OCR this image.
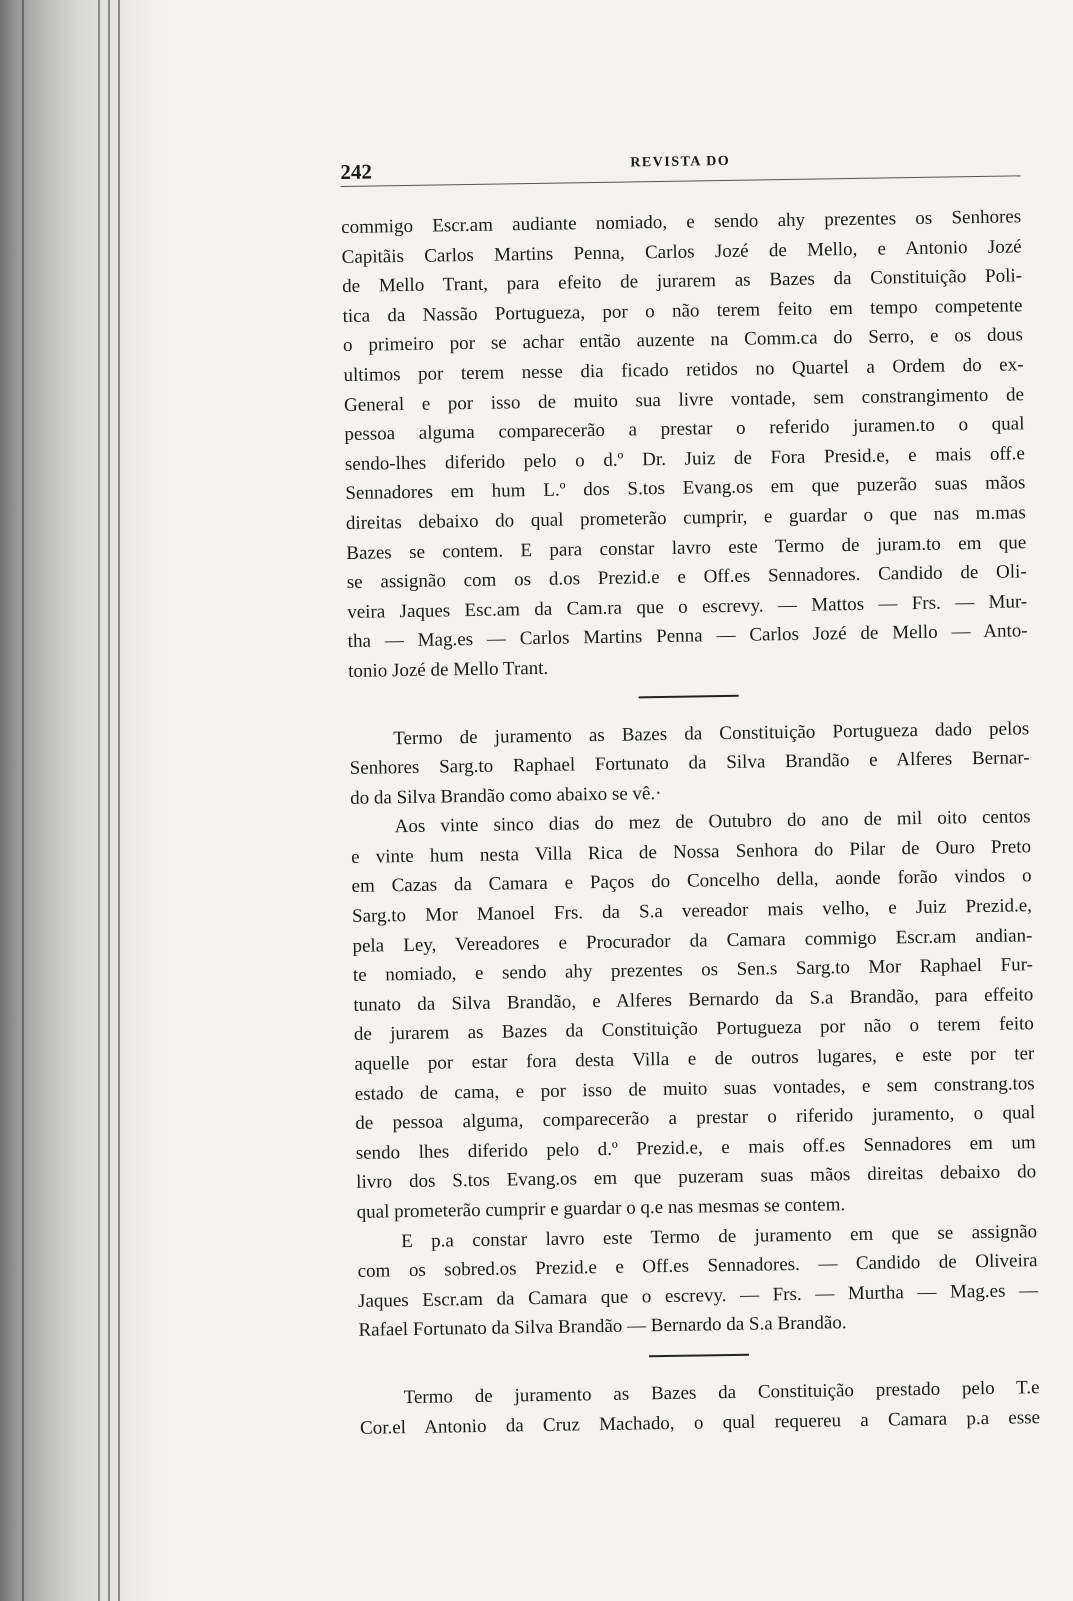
242	REVISTA DO
commigo Escr.am audiante nomiado, e sendo ahy prezentes os Senhores
Capitãis Carlos Martins Penna, Carlos Jozé de Mello, e Antonio Jozé
de Mello Trant, para efeito de jurarem as Bazes da Constituição Poli-
tica da Nassão Portugueza, por o não terem feito em tempo competente
o primeiro por se achar então auzente na Comm.ca do Serro, e os dous
ultimos por terem nesse dia ficado retidos no Quartel a Ordem do ex-
General e por isso de muito sua livre vontade, sem constrangimento de
pessoa alguma comparecerão a prestar o referido juramen.to o qual
sendo-lhes diferido pelo o d.º Dr. Juiz de Fora Presid.e, e mais off.e
Sennadores em hum L.º dos S.tos Evang.os em que puzerão suas mãos
direitas debaixo do qual prometerão cumprir, e guardar o que nas m.mas
Bazes se contem. E para constar lavro este Termo de juram.to em que
se assignão com os d.os Prezid.e e Off.es Sennadores. Candido de Oli-
veira Jaques Esc.am da Cam.ra que o escrevy. — Mattos — Frs. — Mur-
tha — Mag.es — Carlos Martins Penna — Carlos Jozé de Mello — Anto-
tonio Jozé de Mello Trant.
Termo de juramento as Bazes da Constituição Portugueza dado pelos
Senhores Sarg.to Raphael Fortunato da Silva Brandão e Alferes Bernar-
do da Silva Brandão como abaixo se vê.·
Aos vinte sinco dias do mez de Outubro do ano de mil oito centos
e vinte hum nesta Villa Rica de Nossa Senhora do Pilar de Ouro Preto
em Cazas da Camara e Paços do Concelho della, aonde forão vindos o
Sarg.to Mor Manoel Frs. da S.a vereador mais velho, e Juiz Prezid.e,
pela Ley, Vereadores e Procurador da Camara commigo Escr.am andian-
te nomiado, e sendo ahy prezentes os Sen.s Sarg.to Mor Raphael Fur-
tunato da Silva Brandão, e Alferes Bernardo da S.a Brandão, para effeito
de jurarem as Bazes da Constituição Portugueza por não o terem feito
aquelle por estar fora desta Villa e de outros lugares, e este por ter
estado de cama, e por isso de muito suas vontades, e sem constrang.tos
de pessoa alguma, comparecerão a prestar o riferido juramento, o qual
sendo lhes diferido pelo d.º Prezid.e, e mais off.es Sennadores em um
livro dos S.tos Evang.os em que puzeram suas mãos direitas debaixo do
qual prometerão cumprir e guardar o q.e nas mesmas se contem.
E p.a constar lavro este Termo de juramento em que se assignão
com os sobred.os Prezid.e e Off.es Sennadores. — Candido de Oliveira
Jaques Escr.am da Camara que o escrevy. — Frs. — Murtha — Mag.es —
Rafael Fortunato da Silva Brandão — Bernardo da S.a Brandão.
Termo de juramento as Bazes da Constituição prestado pelo T.e
Cor.el Antonio da Cruz Machado, o qual requereu a Camara p.a esse
